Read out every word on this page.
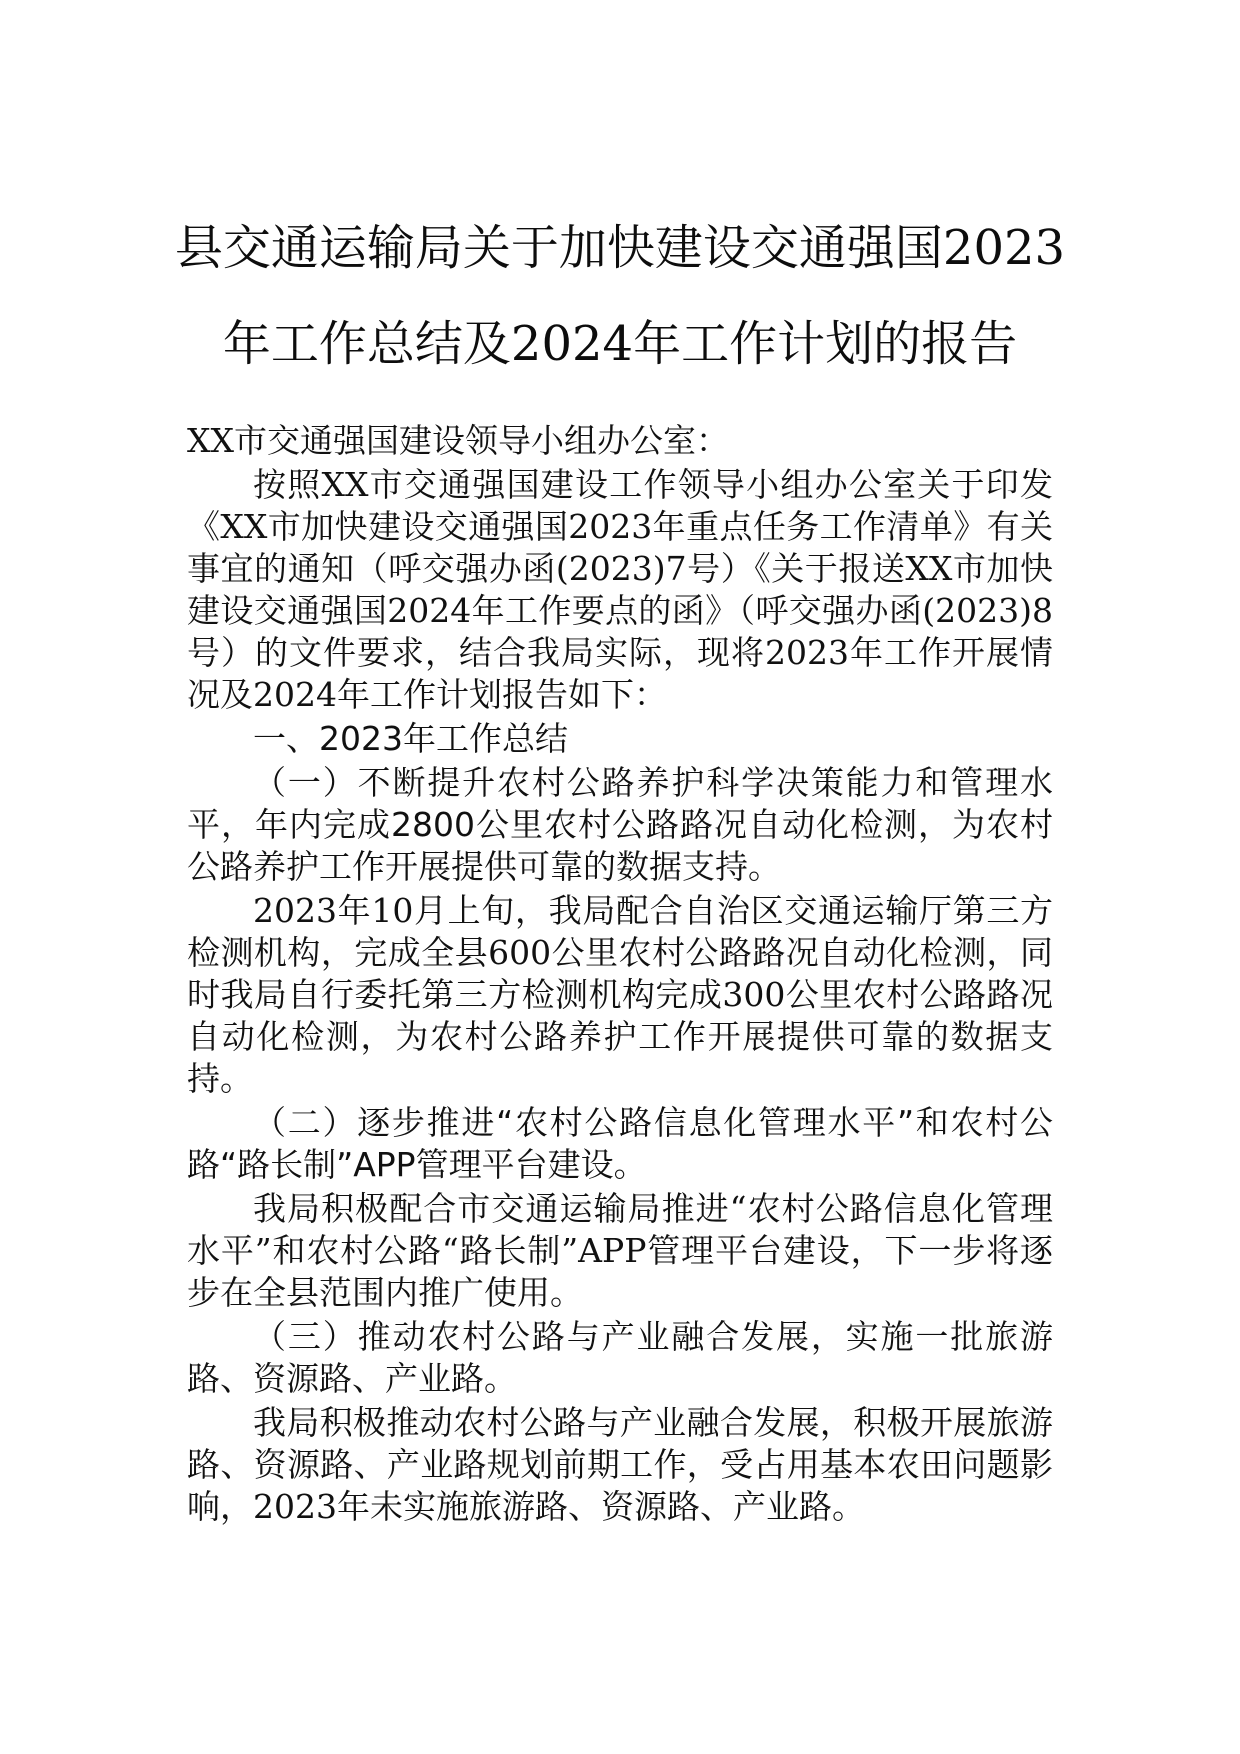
县交通运输局关于加快建设交通强国2023
年工作总结及2024年工作计划的报告

XX市交通强国建设领导小组办公室：

按照XX市交通强国建设工作领导小组办公室关于印发《XX市加快建设交通强国2023年重点任务工作清单》有关事宜的通知（呼交强办函(2023)7号）《关于报送XX市加快建设交通强国2024年工作要点的函》（呼交强办函(2023)8号）的文件要求，结合我局实际，现将2023年工作开展情况及2024年工作计划报告如下：

一、2023年工作总结

（一）不断提升农村公路养护科学决策能力和管理水平，年内完成2800公里农村公路路况自动化检测，为农村公路养护工作开展提供可靠的数据支持。

2023年10月上旬，我局配合自治区交通运输厅第三方检测机构，完成全县600公里农村公路路况自动化检测，同时我局自行委托第三方检测机构完成300公里农村公路路况自动化检测，为农村公路养护工作开展提供可靠的数据支持。

（二）逐步推进“农村公路信息化管理水平”和农村公路“路长制”APP管理平台建设。

我局积极配合市交通运输局推进“农村公路信息化管理水平”和农村公路“路长制”APP管理平台建设，下一步将逐步在全县范围内推广使用。

（三）推动农村公路与产业融合发展，实施一批旅游路、资源路、产业路。

我局积极推动农村公路与产业融合发展，积极开展旅游路、资源路、产业路规划前期工作，受占用基本农田问题影响，2023年未实施旅游路、资源路、产业路。
